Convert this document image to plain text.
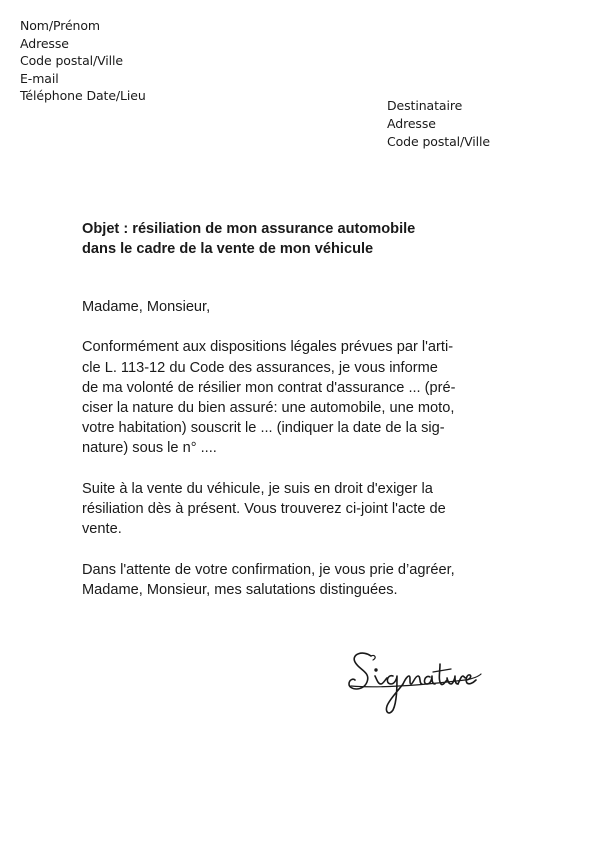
Nom/Prénom
Adresse
Code postal/Ville
E-mail
Téléphone Date/Lieu
Destinataire
Adresse
Code postal/Ville
Objet : résiliation de mon assurance automobile
dans le cadre de la vente de mon véhicule

Madame, Monsieur,

Conformément aux dispositions légales prévues par l'arti-
cle L. 113-12 du Code des assurances, je vous informe
de ma volonté de résilier mon contrat d'assurance ... (pré-
ciser la nature du bien assuré: une automobile, une moto,
votre habitation) souscrit le ... (indiquer la date de la sig-
nature) sous le n° ....

Suite à la vente du véhicule, je suis en droit d'exiger la
résiliation dès à présent. Vous trouverez ci-joint l'acte de
vente.

Dans l'attente de votre confirmation, je vous prie d’agréer,
Madame, Monsieur, mes salutations distinguées.
